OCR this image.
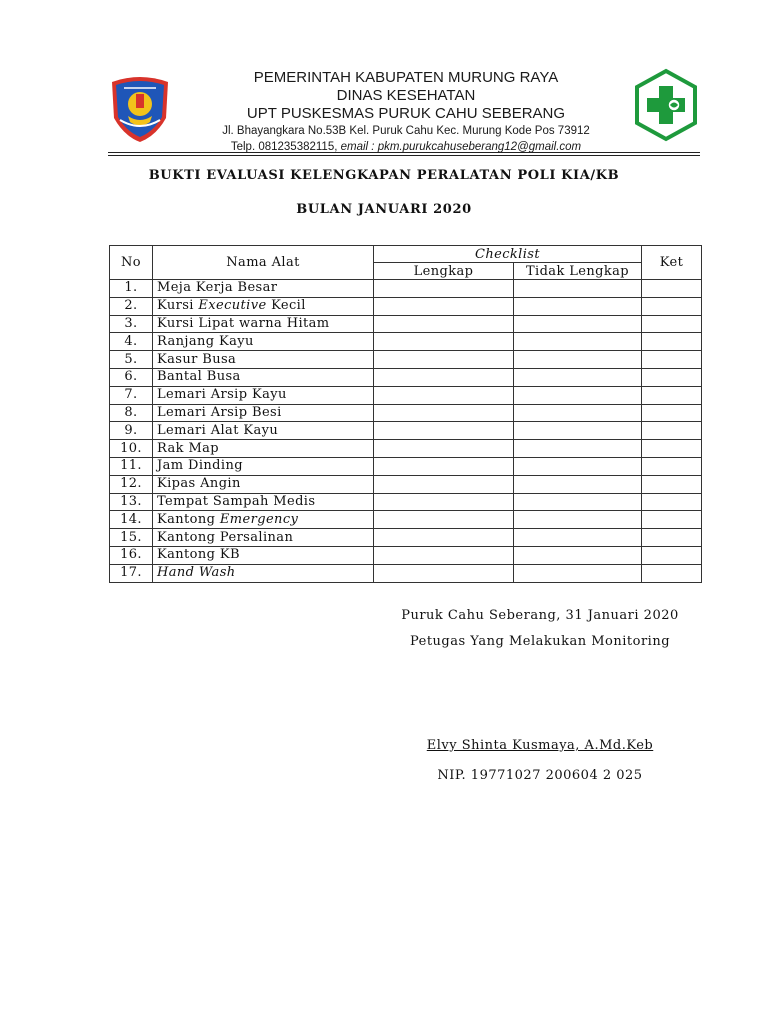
PEMERINTAH KABUPATEN MURUNG RAYA
DINAS KESEHATAN
UPT PUSKESMAS PURUK CAHU SEBERANG
Jl. Bhayangkara No.53B Kel. Puruk Cahu Kec. Murung Kode Pos 73912
Telp. 081235382115, email : pkm.purukcahuseberang12@gmail.com
BUKTI EVALUASI KELENGKAPAN PERALATAN POLI KIA/KB
BULAN JANUARI 2020
No	Nama Alat	Checklist		Ket
		Lengkap	Tidak Lengkap	
1.	Meja Kerja Besar			
2.	Kursi Executive Kecil			
3.	Kursi Lipat warna Hitam			
4.	Ranjang Kayu			
5.	Kasur Busa			
6.	Bantal Busa			
7.	Lemari Arsip Kayu			
8.	Lemari Arsip Besi			
9.	Lemari Alat Kayu			
10.	Rak Map			
11.	Jam Dinding			
12.	Kipas Angin			
13.	Tempat Sampah Medis			
14.	Kantong Emergency			
15.	Kantong Persalinan			
16.	Kantong KB			
17.	Hand Wash			
Puruk Cahu Seberang, 31 Januari 2020
Petugas Yang Melakukan Monitoring
Elvy Shinta Kusmaya, A.Md.Keb
NIP. 19771027 200604 2 025
